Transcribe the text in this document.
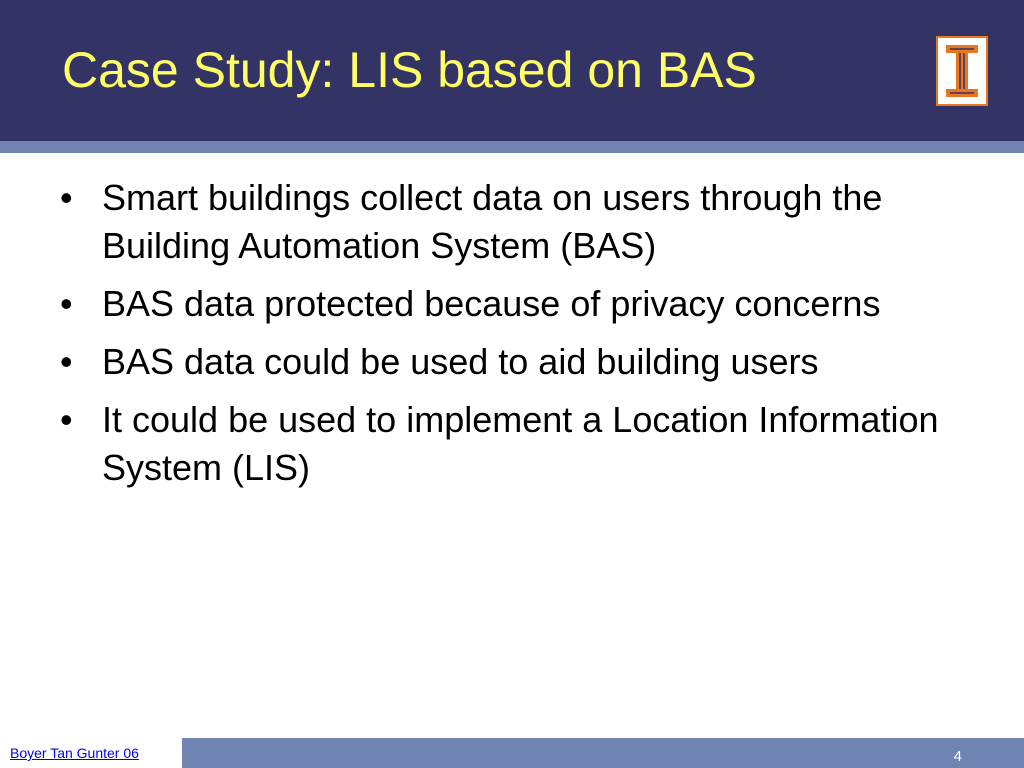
Case Study: LIS based on BAS
• Smart buildings collect data on users through the Building Automation System (BAS)
• BAS data protected because of privacy concerns
• BAS data could be used to aid building users
• It could be used to implement a Location Information System (LIS)
Boyer Tan Gunter 06	4
